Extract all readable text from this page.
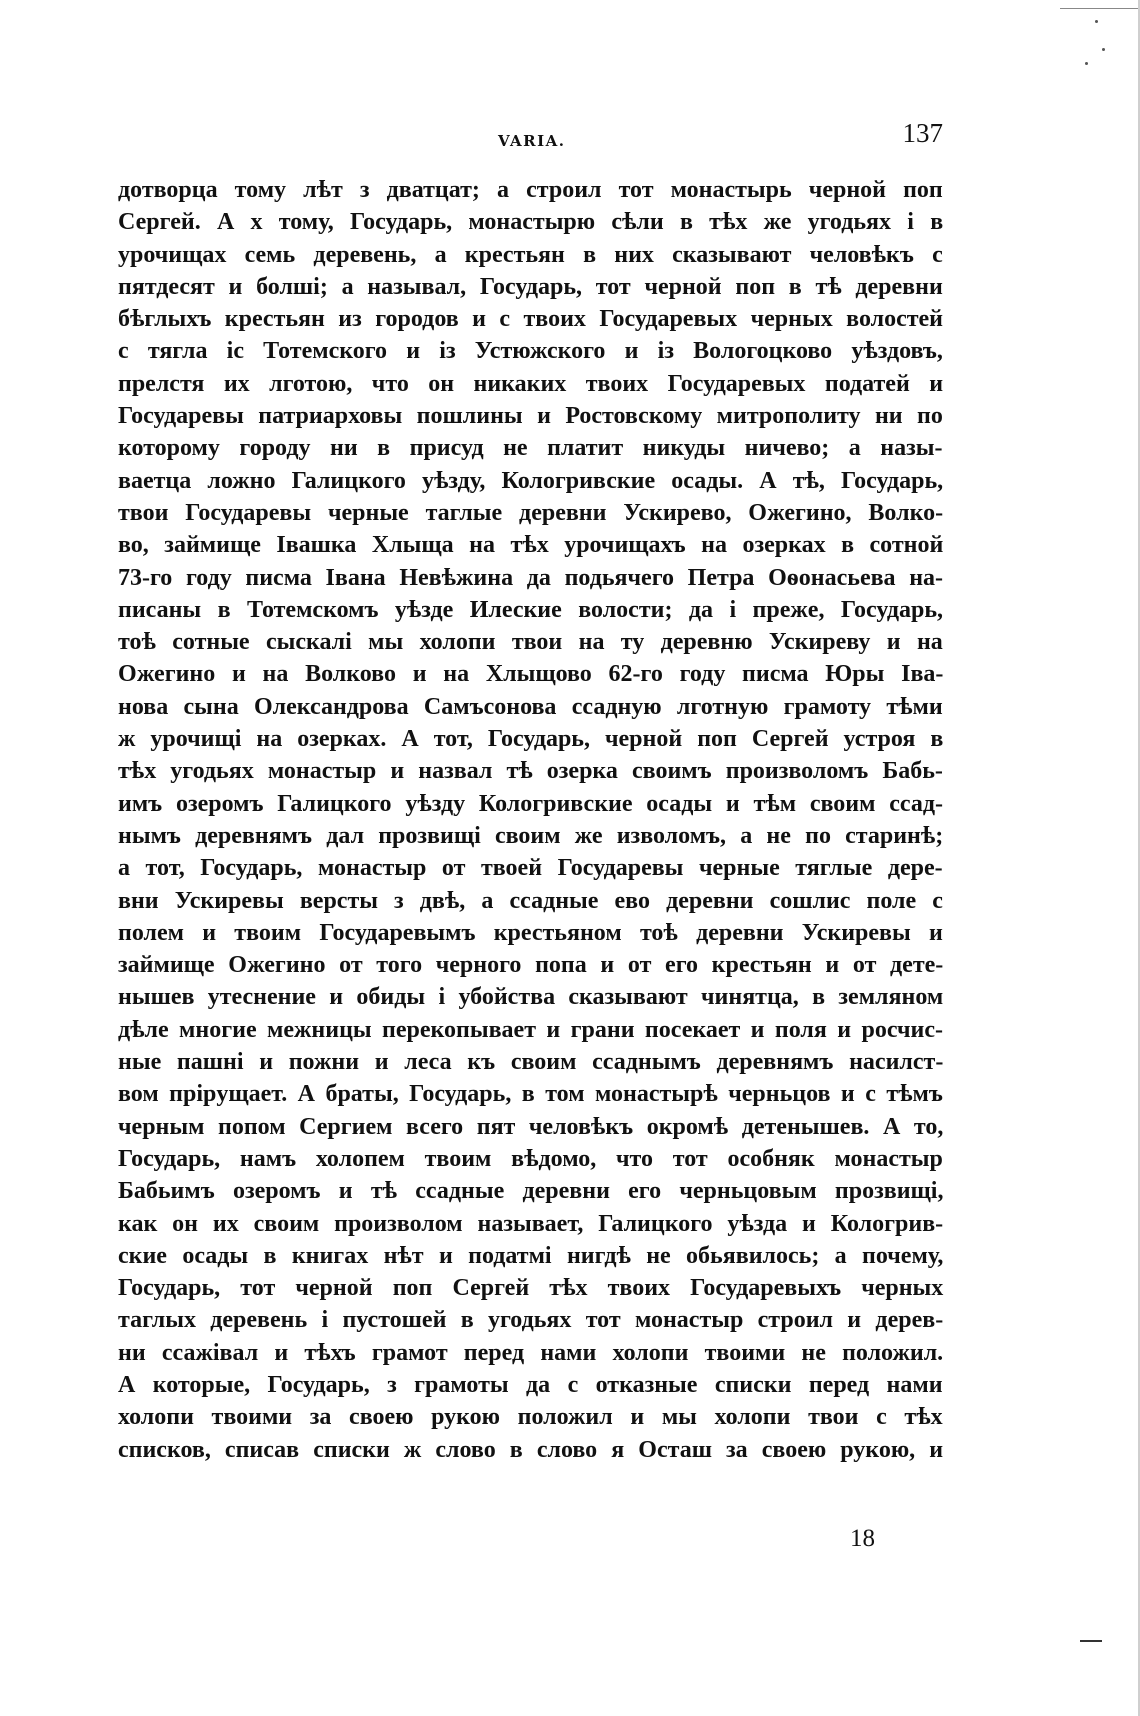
VARIA.	137
дотворца тому лѣт з дватцат; а строил тот монастырь черной поп
Сергей. А х тому, Государь, монастырю сѣли в тѣх же угодьях і в
урочищах семь деревень, а крестьян в них сказывают человѣкъ с
пятдесят и болші; а называл, Государь, тот черной поп в тѣ деревни
бѣглыхъ крестьян из городов и с твоих Государевых черных волостей
с тягла іс Тотемского и із Устюжского и із Вологоцково уѣздовъ,
прелстя их лготою, что он никаких твоих Государевых податей и
Государевы патриарховы пошлины и Ростовскому митрополиту ни по
которому городу ни в присуд не платит никуды ничево; а назы-
ваетца ложно Галицкого уѣзду, Кологривские осады. А тѣ, Государь,
твои Государевы черные таглые деревни Ускирево, Ожегино, Волко-
во, займище Івашка Хлыща на тѣх урочищахъ на озерках в сотной
73-го году писма Івана Невѣжина да подьячего Петра Оѳонасьева на-
писаны в Тотемскомъ уѣзде Илеские волости; да і прежe, Государь,
тоѣ сотные сыскалі мы холопи твои на ту деревню Ускиреву и на
Ожегино и на Волково и на Хлыщово 62-го году писма Юры Іва-
нова сына Олександрова Самъсонова ссадную лготную грамоту тѣми
ж урочищі на озерках. А тот, Государь, черной поп Сергей устроя в
тѣх угодьях монастыр и назвал тѣ озерка своимъ произволомъ Бабь-
имъ озеромъ Галицкого уѣзду Кологривские осады и тѣм своим ссад-
нымъ деревнямъ дал прозвищі своим же изволомъ, а не по старинѣ;
а тот, Государь, монастыр от твоей Государевы черные тяглые дере-
вни Ускиревы версты з двѣ, а ссадные ево деревни сошлис поле с
полем и твоим Государевымъ крестьяном тоѣ деревни Ускиревы и
займище Ожегино от того черного попа и от его крестьян и от дете-
нышев утеснение и обиды і убойства сказывают чинятца, в земляном
дѣле многие межницы перекопывает и грани посекает и поля и росчис-
ные пашні и пожни и леса къ своим ссаднымъ деревнямъ насилст-
вом прipущает. А браты, Государь, в том монастырѣ черньцов и с тѣмъ
черным попом Сергием всего пят человѣкъ окромѣ детенышев. А то,
Государь, намъ холопем твоим вѣдомо, что тот особняк монастыр
Бабьимъ озеромъ и тѣ ссадные деревни его черньцовым прозвищі,
как он их своим произволом называет, Галицкого уѣзда и Кологрив-
ские осады в книгах нѣт и податмі нигдѣ не обьявилось; а почему,
Государь, тот черной поп Сергей тѣх твоих Государевыхъ черных
таглых деревень і пустошей в угодьях тот монастыр строил и дерев-
ни ссажівал и тѣхъ грамот перед нами холопи твоими не положил.
А которые, Государь, з грамоты да с отказные списки перед нами
холопи твоими за своею рукою положил и мы холопи твои с тѣх
списков, списав списки ж слово в слово я Осташ за своею рукою, и
18
